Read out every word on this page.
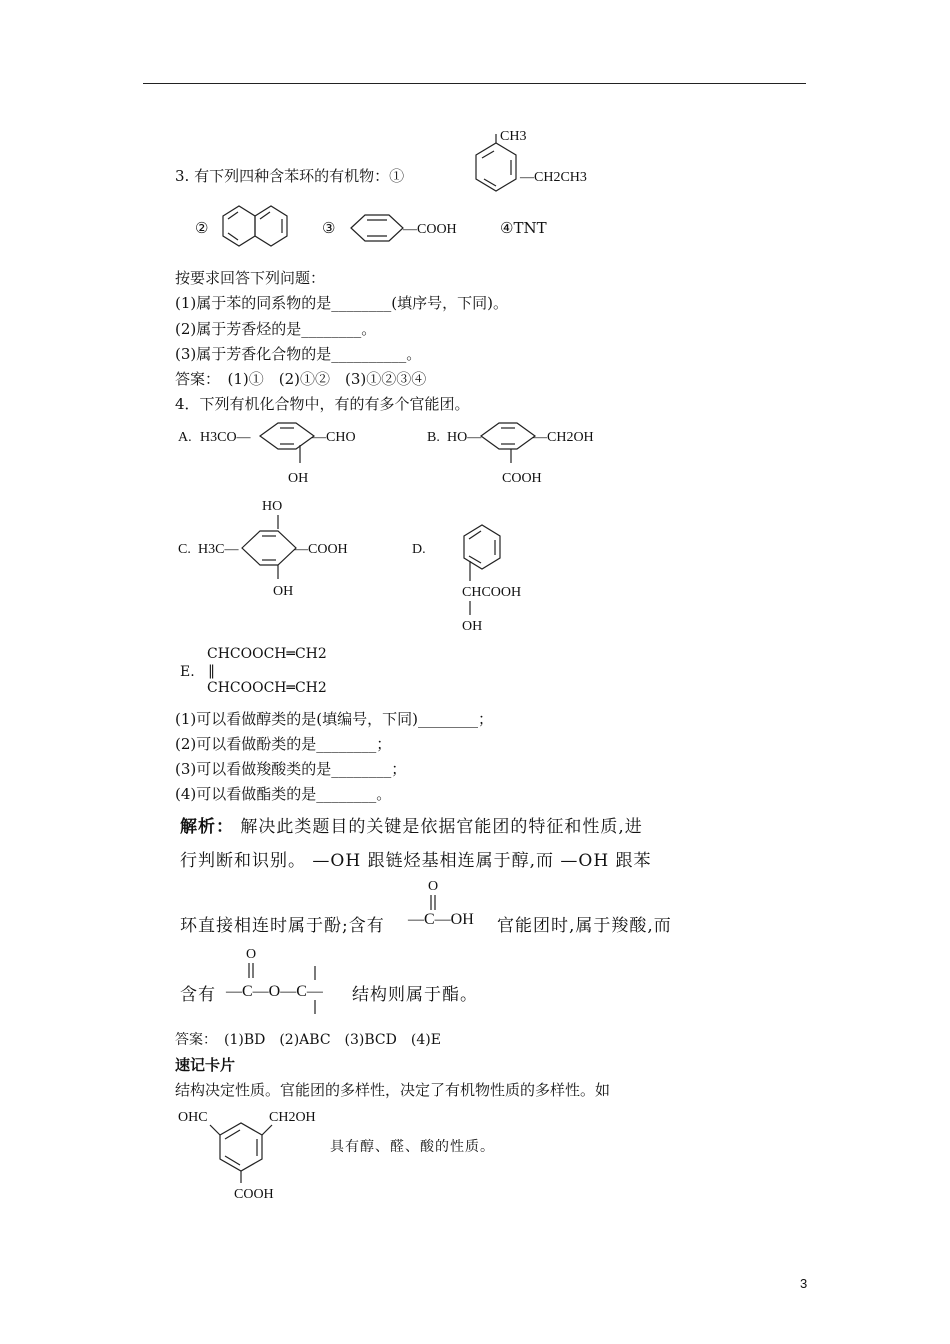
3. 有下列四种含苯环的有机物：①
CH3
—CH2CH3
②	③	—COOH	④TNT
按要求回答下列问题：
(1)属于苯的同系物的是________(填序号，下同)。
(2)属于芳香烃的是________。
(3)属于芳香化合物的是__________。
答案：　(1)①　(2)①②　(3)①②③④
4．下列有机化合物中，有的有多个官能团。
A. H3CO—	—CHO
OH
B. HO—	—CH2OH
COOH
HO
C. H3C—	—COOH
OH
D.
CHCOOH
OH
E.
CHCOOCH═CH2
‖
CHCOOCH═CH2
(1)可以看做醇类的是(填编号，下同)________；
(2)可以看做酚类的是________；
(3)可以看做羧酸类的是________；
(4)可以看做酯类的是________。
解析： 解决此类题目的关键是依据官能团的特征和性质,进
行判断和识别。 —OH 跟链烃基相连属于醇,而 —OH 跟苯
环直接相连时属于酚;含有
O
—C—OH 官能团时,属于羧酸,而
含有
O
—C—O—C— 结构则属于酯。
答案：　(1)BD　(2)ABC　(3)BCD　(4)E
速记卡片
结构决定性质。官能团的多样性，决定了有机物性质的多样性。如
OHC	CH2OH
COOH
具有醇、醛、酸的性质。
3
